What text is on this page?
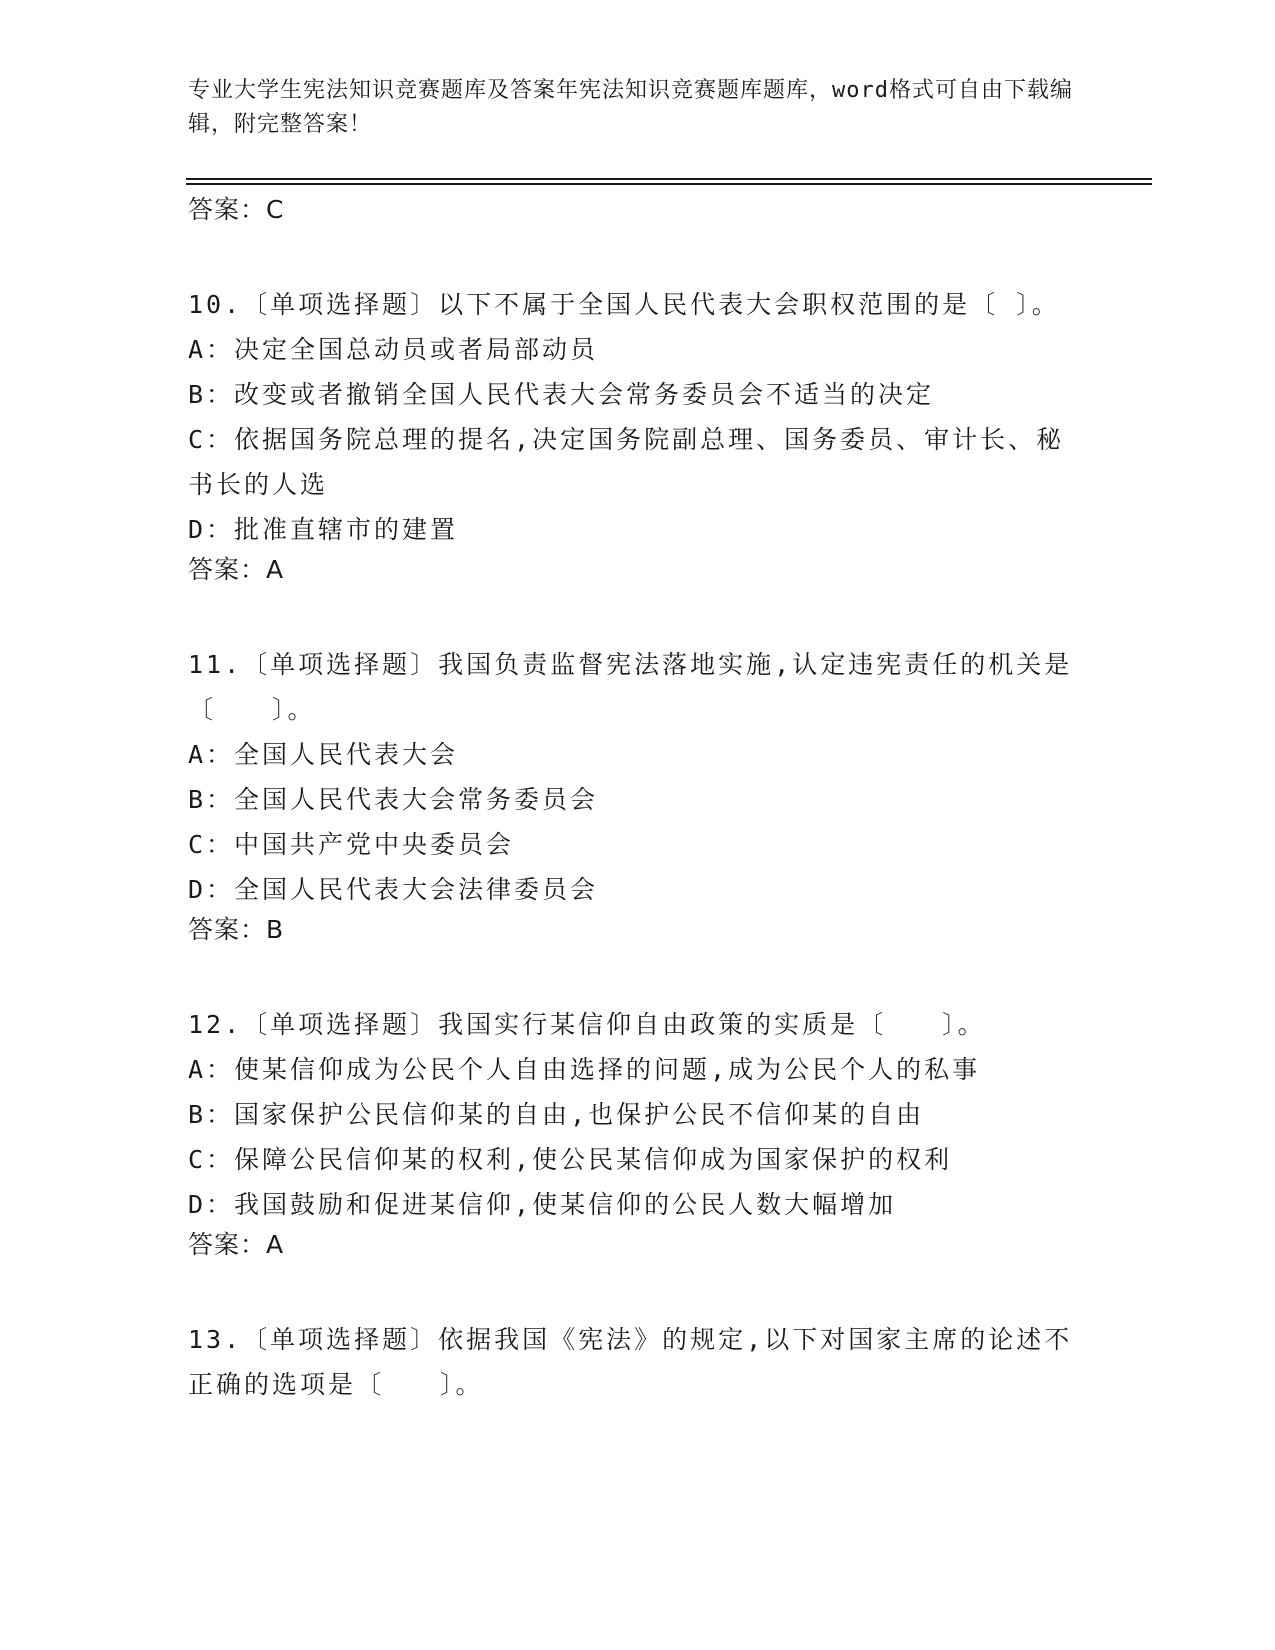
专业大学生宪法知识竞赛题库及答案年宪法知识竞赛题库题库，word格式可自由下载编辑，附完整答案！
答案：C
10.〔单项选择题〕以下不属于全国人民代表大会职权范围的是〔 〕。
A：决定全国总动员或者局部动员
B：改变或者撤销全国人民代表大会常务委员会不适当的决定
C：依据国务院总理的提名,决定国务院副总理、国务委员、审计长、秘书长的人选
D：批准直辖市的建置
答案：A
11.〔单项选择题〕我国负责监督宪法落地实施,认定违宪责任的机关是〔　　〕。
A：全国人民代表大会
B：全国人民代表大会常务委员会
C：中国共产党中央委员会
D：全国人民代表大会法律委员会
答案：B
12.〔单项选择题〕我国实行某信仰自由政策的实质是〔　　〕。
A：使某信仰成为公民个人自由选择的问题,成为公民个人的私事
B：国家保护公民信仰某的自由,也保护公民不信仰某的自由
C：保障公民信仰某的权利,使公民某信仰成为国家保护的权利
D：我国鼓励和促进某信仰,使某信仰的公民人数大幅增加
答案：A
13.〔单项选择题〕依据我国《宪法》的规定,以下对国家主席的论述不正确的选项是〔　　〕。
